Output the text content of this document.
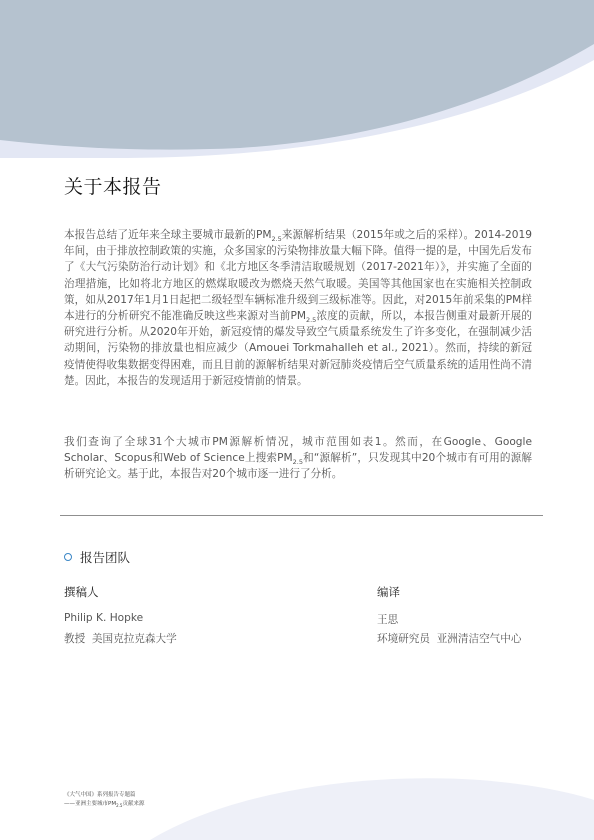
关于本报告

本报告总结了近年来全球主要城市最新的$PM_{2.5}$来源解析结果（2015年或之后的采样）。2014-2019年间，由于排放控制政策的实施，众多国家的污染物排放量大幅下降。值得一提的是，中国先后发布了《大气污染防治行动计划》和《北方地区冬季清洁取暖规划（2017-2021年）》，并实施了全面的治理措施，比如将北方地区的燃煤取暖改为燃烧天然气取暖。美国等其他国家也在实施相关控制政策，如从2017年1月1日起把二级轻型车辆标准升级到三级标准等。因此，对2015年前采集的PM样本进行的分析研究不能准确反映这些来源对当前$PM_{2.5}$浓度的贡献，所以，本报告侧重对最新开展的研究进行分析。从2020年开始，新冠疫情的爆发导致空气质量系统发生了许多变化，在强制减少活动期间，污染物的排放量也相应减少（Amouei Torkmahalleh et al., 2021）。然而，持续的新冠疫情使得收集数据变得困难，而且目前的源解析结果对新冠肺炎疫情后空气质量系统的适用性尚不清楚。因此，本报告的发现适用于新冠疫情前的情景。

我们查询了全球31个大城市PM源解析情况，城市范围如表1。然而，在Google、Google Scholar、Scopus和Web of Science上搜索$PM_{2.5}$和“源解析”，只发现其中20个城市有可用的源解析研究论文。基于此，本报告对20个城市逐一进行了分析。

报告团队
撰稿人
Philip K. Hopke
教授  美国克拉克森大学
编译
王思
环境研究员  亚洲清洁空气中心
《大气中国》系列报告专题篇
——亚洲主要城市$PM_{2.5}$贡献来源
